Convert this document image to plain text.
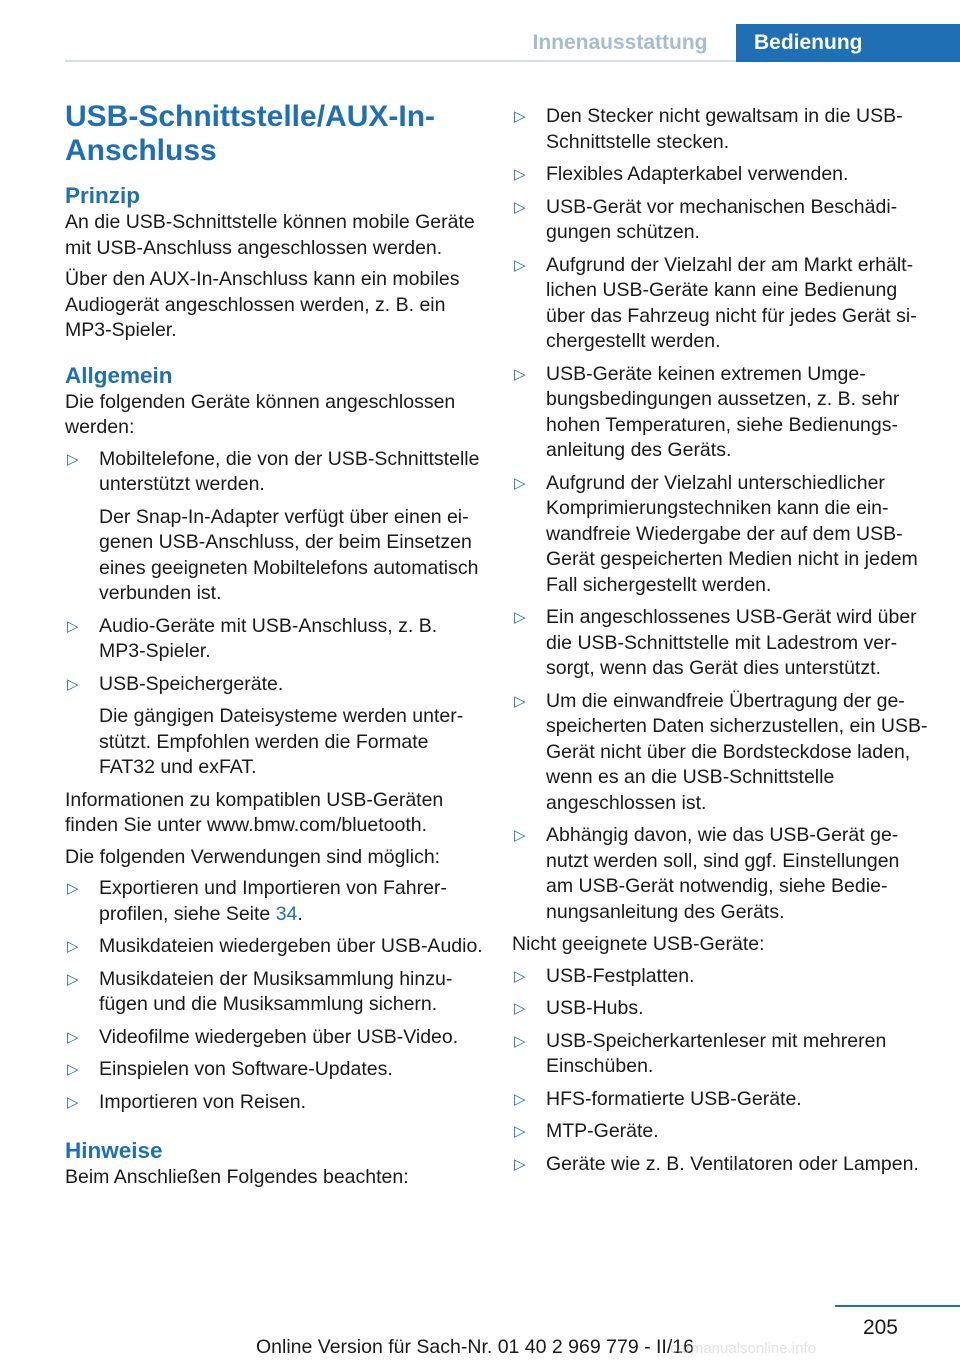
Innenausstattung	Bedienung
USB-Schnittstelle/AUX-In-Anschluss
Prinzip

An die USB-Schnittstelle können mobile Geräte mit USB-Anschluss angeschlossen werden.

Über den AUX-In-Anschluss kann ein mobiles Audiogerät angeschlossen werden, z. B. ein MP3-Spieler.

Allgemein

Die folgenden Geräte können angeschlossen werden:

▷ Mobiltelefone, die von der USB-Schnittstelle unterstützt werden.
Der Snap-In-Adapter verfügt über einen eigenen USB-Anschluss, der beim Einsetzen eines geeigneten Mobiltelefons automatisch verbunden ist.
▷ Audio-Geräte mit USB-Anschluss, z. B. MP3-Spieler.
▷ USB-Speichergeräte.
Die gängigen Dateisysteme werden unterstützt. Empfohlen werden die Formate FAT32 und exFAT.

Informationen zu kompatiblen USB-Geräten finden Sie unter www.bmw.com/bluetooth.

Die folgenden Verwendungen sind möglich:

▷ Exportieren und Importieren von Fahrerprofilen, siehe Seite 34.
▷ Musikdateien wiedergeben über USB-Audio.
▷ Musikdateien der Musiksammlung hinzufügen und die Musiksammlung sichern.
▷ Videofilme wiedergeben über USB-Video.
▷ Einspielen von Software-Updates.
▷ Importieren von Reisen.
Hinweise

Beim Anschließen Folgendes beachten:

▷ Den Stecker nicht gewaltsam in die USB-Schnittstelle stecken.
▷ Flexibles Adapterkabel verwenden.
▷ USB-Gerät vor mechanischen Beschädigungen schützen.
▷ Aufgrund der Vielzahl der am Markt erhältlichen USB-Geräte kann eine Bedienung über das Fahrzeug nicht für jedes Gerät sichergestellt werden.
▷ USB-Geräte keinen extremen Umgebungsbedingungen aussetzen, z. B. sehr hohen Temperaturen, siehe Bedienungsanleitung des Geräts.
▷ Aufgrund der Vielzahl unterschiedlicher Komprimierungstechniken kann die einwandfreie Wiedergabe der auf dem USB-Gerät gespeicherten Medien nicht in jedem Fall sichergestellt werden.
▷ Ein angeschlossenes USB-Gerät wird über die USB-Schnittstelle mit Ladestrom versorgt, wenn das Gerät dies unterstützt.
▷ Um die einwandfreie Übertragung der gespeicherten Daten sicherzustellen, ein USB-Gerät nicht über die Bordsteckdose laden, wenn es an die USB-Schnittstelle angeschlossen ist.
▷ Abhängig davon, wie das USB-Gerät genutzt werden soll, sind ggf. Einstellungen am USB-Gerät notwendig, siehe Bedienungsanleitung des Geräts.

Nicht geeignete USB-Geräte:

▷ USB-Festplatten.
▷ USB-Hubs.
▷ USB-Speicherkartenleser mit mehreren Einschüben.
▷ HFS-formatierte USB-Geräte.
▷ MTP-Geräte.
▷ Geräte wie z. B. Ventilatoren oder Lampen.
205
Online Version für Sach-Nr. 01 40 2 969 779 - II/16
carmanualsonline.info
